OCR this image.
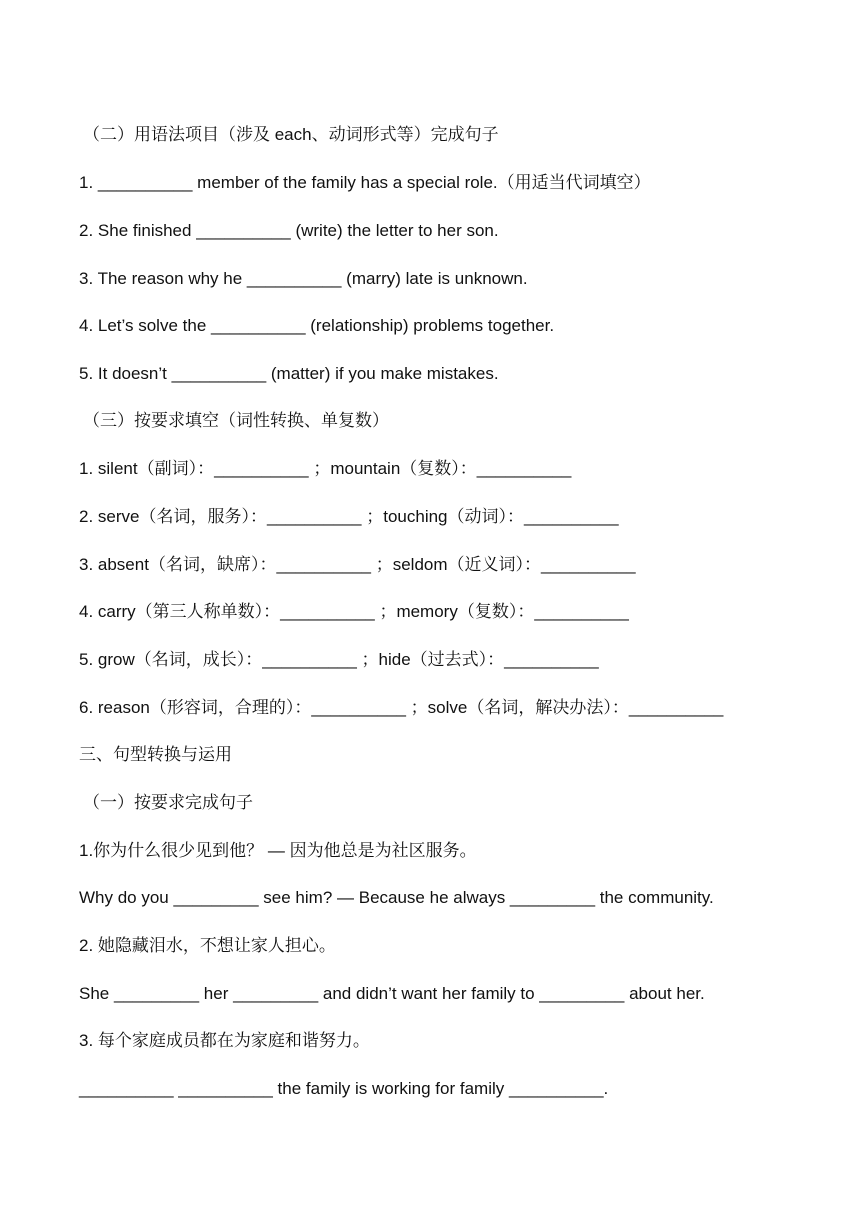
（二）用语法项目（涉及 each、动词形式等）完成句子
1. __________ member of the family has a special role.（用适当代词填空）
2. She finished __________ (write) the letter to her son.
3. The reason why he __________ (marry) late is unknown.
4. Let’s solve the __________ (relationship) problems together.
5. It doesn’t __________ (matter) if you make mistakes.
（三）按要求填空（词性转换、单复数）
1. silent（副词）：__________ ；mountain（复数）：__________
2. serve（名词，服务）：__________ ；touching（动词）：__________
3. absent（名词，缺席）：__________ ；seldom（近义词）：__________
4. carry（第三人称单数）：__________ ；memory（复数）：__________
5. grow（名词，成长）：__________ ；hide（过去式）：__________
6. reason（形容词，合理的）：__________ ；solve（名词，解决办法）：__________
三、句型转换与运用
（一）按要求完成句子
1.你为什么很少见到他？ — 因为他总是为社区服务。
Why do you _________ see him? — Because he always _________ the community.
2. 她隐藏泪水，不想让家人担心。
She _________ her _________ and didn’t want her family to _________ about her.
3. 每个家庭成员都在为家庭和谐努力。
__________ __________ the family is working for family __________.
